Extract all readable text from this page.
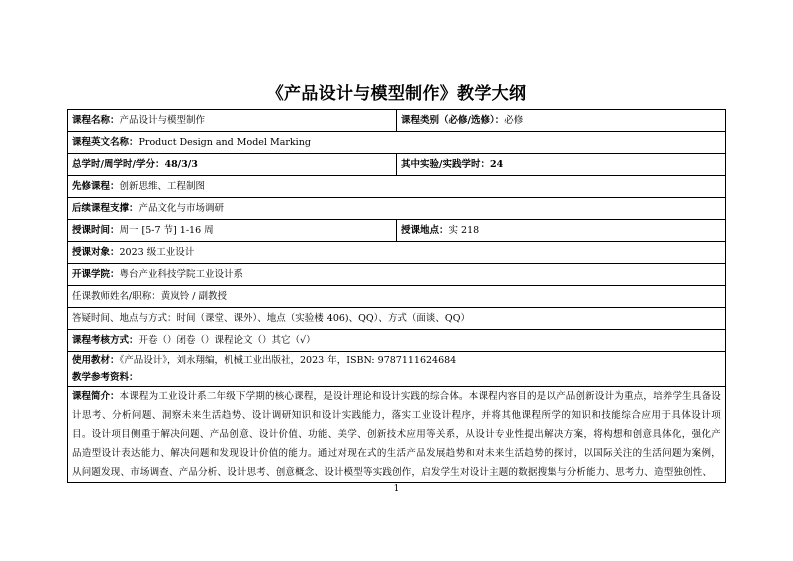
《产品设计与模型制作》教学大纲
课程名称：产品设计与模型制作	课程类别（必修/选修）：必修
课程英文名称：Product Design and Model Marking	
总学时/周学时/学分：48/3/3	其中实验/实践学时：24
先修课程：创新思维、工程制图	
后续课程支撑：产品文化与市场调研	
授课时间：周一 [5-7 节] 1-16 周	授课地点：实 218
授课对象：2023 级工业设计	
开课学院：粤台产业科技学院工业设计系	
任课教师姓名/职称：黄岚铃 / 副教授	
答疑时间、地点与方式：时间（课堂、课外）、地点（实验楼 406)、QQ）、方式（面谈、QQ）	
课程考核方式：开卷（）闭卷（）课程论文（）其它（√）	

使用教材：《产品设计》，刘永翔编，机械工业出版社，2023 年，ISBN: 9787111624684
教学参考资料：	

课程简介：本课程为工业设计系二年级下学期的核心课程，是设计理论和设计实践的综合体。本课程内容目的是以产品创新设计为重点，培养学生具备设计思考、分析问题、洞察未来生活趋势、设计调研知识和设计实践能力，落实工业设计程序，并将其他课程所学的知识和技能综合应用于具体设计项目。设计项目侧重于解决问题、产品创意、设计价值、功能、美学、创新技术应用等关系，从设计专业性提出解决方案，将构想和创意具体化，强化产品造型设计表达能力、解决问题和发现设计价值的能力。通过对现在式的生活产品发展趋势和对未来生活趋势的探讨，以国际关注的生活问题为案例，从问题发现、市场调查、产品分析、设计思考、创意概念、设计模型等实践创作，启发学生对设计主题的数据搜集与分析能力、思考力、造型独创性、	
1
